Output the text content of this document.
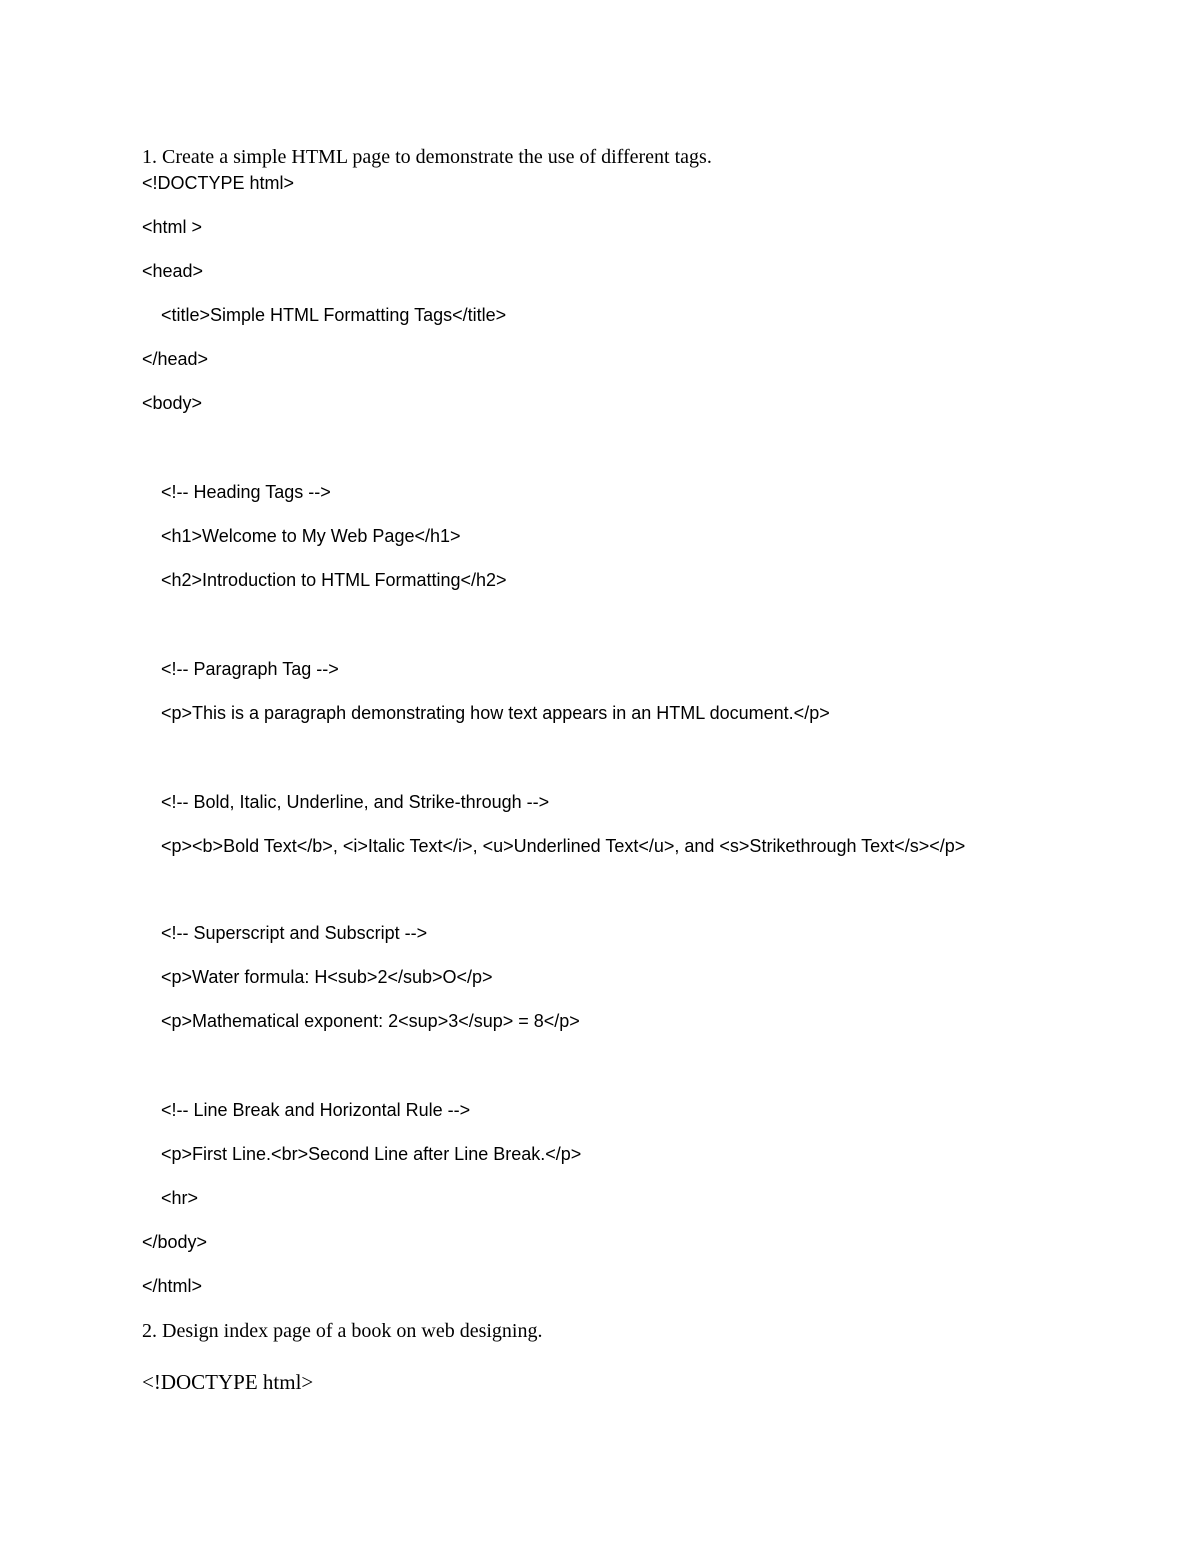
1. Create a simple HTML page to demonstrate the use of different tags.
<!DOCTYPE html>
<html >
<head>
<title>Simple HTML Formatting Tags</title>
</head>
<body>
<!-- Heading Tags -->
<h1>Welcome to My Web Page</h1>
<h2>Introduction to HTML Formatting</h2>
<!-- Paragraph Tag -->
<p>This is a paragraph demonstrating how text appears in an HTML document.</p>
<!-- Bold, Italic, Underline, and Strike-through -->
<p><b>Bold Text</b>, <i>Italic Text</i>, <u>Underlined Text</u>, and <s>Strikethrough Text</s></p>
<!-- Superscript and Subscript -->
<p>Water formula: H<sub>2</sub>O</p>
<p>Mathematical exponent: 2<sup>3</sup> = 8</p>
<!-- Line Break and Horizontal Rule -->
<p>First Line.<br>Second Line after Line Break.</p>
<hr>
</body>
</html>
2. Design index page of a book on web designing.
<!DOCTYPE html>
